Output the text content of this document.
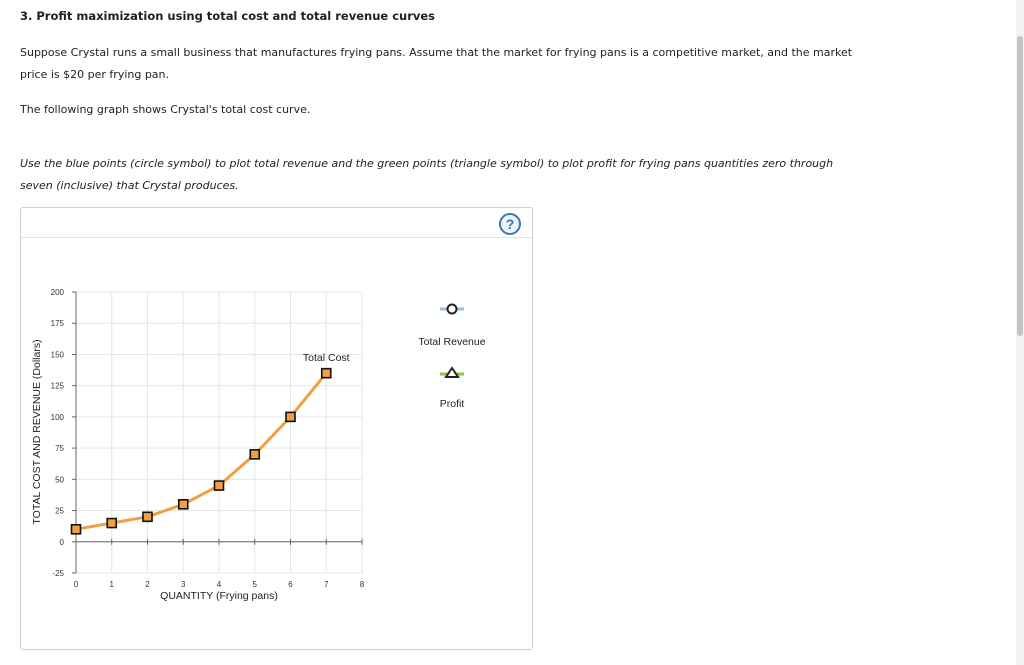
3. Profit maximization using total cost and total revenue curves

Suppose Crystal runs a small business that manufactures frying pans. Assume that the market for frying pans is a competitive market, and the market price is $20 per frying pan.

The following graph shows Crystal's total cost curve.

Use the blue points (circle symbol) to plot total revenue and the green points (triangle symbol) to plot profit for frying pans quantities zero through seven (inclusive) that Crystal produces.

?
-25
0
25
50
75
100
125
150
175
200
0	1	2	3	4	5	6	7	8
Total Cost
QUANTITY (Frying pans)
TOTAL COST AND REVENUE (Dollars)	Total Revenue
Profit
